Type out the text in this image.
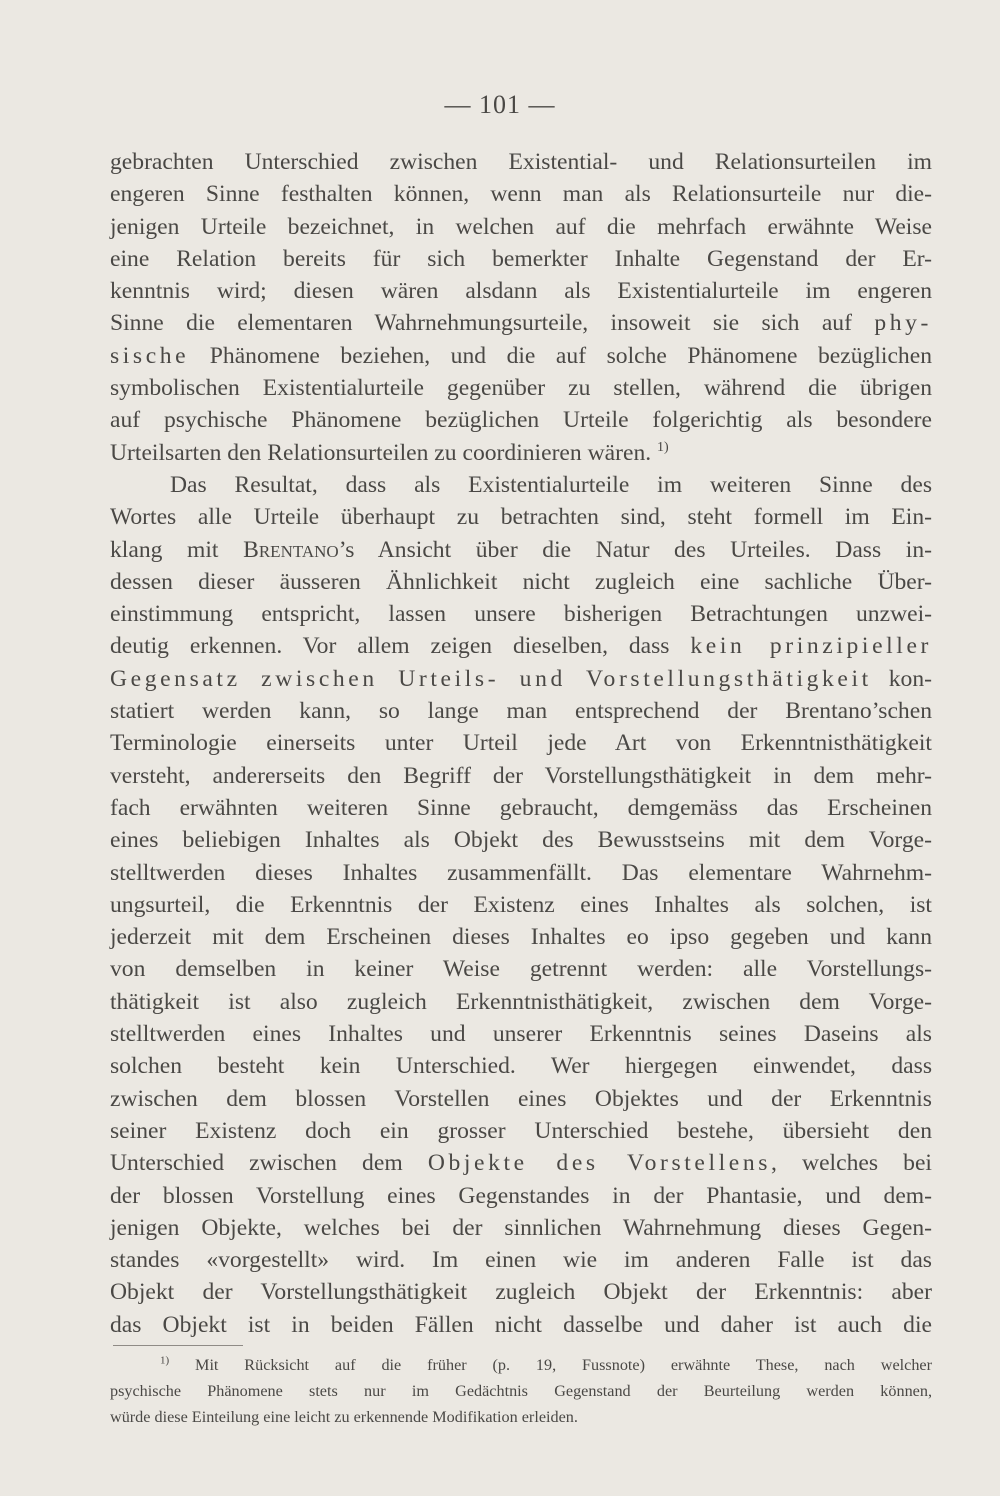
— 101 —
gebrachten Unterschied zwischen Existential- und Relationsurteilen im
engeren Sinne festhalten können, wenn man als Relationsurteile nur die-
jenigen Urteile bezeichnet, in welchen auf die mehrfach erwähnte Weise
eine Relation bereits für sich bemerkter Inhalte Gegenstand der Er-
kenntnis wird; diesen wären alsdann als Existentialurteile im engeren
Sinne die elementaren Wahrnehmungsurteile, insoweit sie sich auf phy-
sische Phänomene beziehen, und die auf solche Phänomene bezüglichen
symbolischen Existentialurteile gegenüber zu stellen, während die übrigen
auf psychische Phänomene bezüglichen Urteile folgerichtig als besondere
Urteilsarten den Relationsurteilen zu coordinieren wären. $^{1)}$
Das Resultat, dass als Existentialurteile im weiteren Sinne des
Wortes alle Urteile überhaupt zu betrachten sind, steht formell im Ein-
klang mit Brentano’s Ansicht über die Natur des Urteiles. Dass in-
dessen dieser äusseren Ähnlichkeit nicht zugleich eine sachliche Über-
einstimmung entspricht, lassen unsere bisherigen Betrachtungen unzwei-
deutig erkennen. Vor allem zeigen dieselben, dass kein prinzipieller
Gegensatz zwischen Urteils- und Vorstellungsthätigkeit kon-
statiert werden kann, so lange man entsprechend der Brentano’schen
Terminologie einerseits unter Urteil jede Art von Erkenntnisthätigkeit
versteht, andererseits den Begriff der Vorstellungsthätigkeit in dem mehr-
fach erwähnten weiteren Sinne gebraucht, demgemäss das Erscheinen
eines beliebigen Inhaltes als Objekt des Bewusstseins mit dem Vorge-
stelltwerden dieses Inhaltes zusammenfällt. Das elementare Wahrnehm-
ungsurteil, die Erkenntnis der Existenz eines Inhaltes als solchen, ist
jederzeit mit dem Erscheinen dieses Inhaltes eo ipso gegeben und kann
von demselben in keiner Weise getrennt werden: alle Vorstellungs-
thätigkeit ist also zugleich Erkenntnisthätigkeit, zwischen dem Vorge-
stelltwerden eines Inhaltes und unserer Erkenntnis seines Daseins als
solchen besteht kein Unterschied. Wer hiergegen einwendet, dass
zwischen dem blossen Vorstellen eines Objektes und der Erkenntnis
seiner Existenz doch ein grosser Unterschied bestehe, übersieht den
Unterschied zwischen dem Objekte des Vorstellens, welches bei
der blossen Vorstellung eines Gegenstandes in der Phantasie, und dem-
jenigen Objekte, welches bei der sinnlichen Wahrnehmung dieses Gegen-
standes «vorgestellt» wird. Im einen wie im anderen Falle ist das
Objekt der Vorstellungsthätigkeit zugleich Objekt der Erkenntnis: aber
das Objekt ist in beiden Fällen nicht dasselbe und daher ist auch die
$^{1)}$ Mit Rücksicht auf die früher (p. 19, Fussnote) erwähnte These, nach welcher
psychische Phänomene stets nur im Gedächtnis Gegenstand der Beurteilung werden können,
würde diese Einteilung eine leicht zu erkennende Modifikation erleiden.
